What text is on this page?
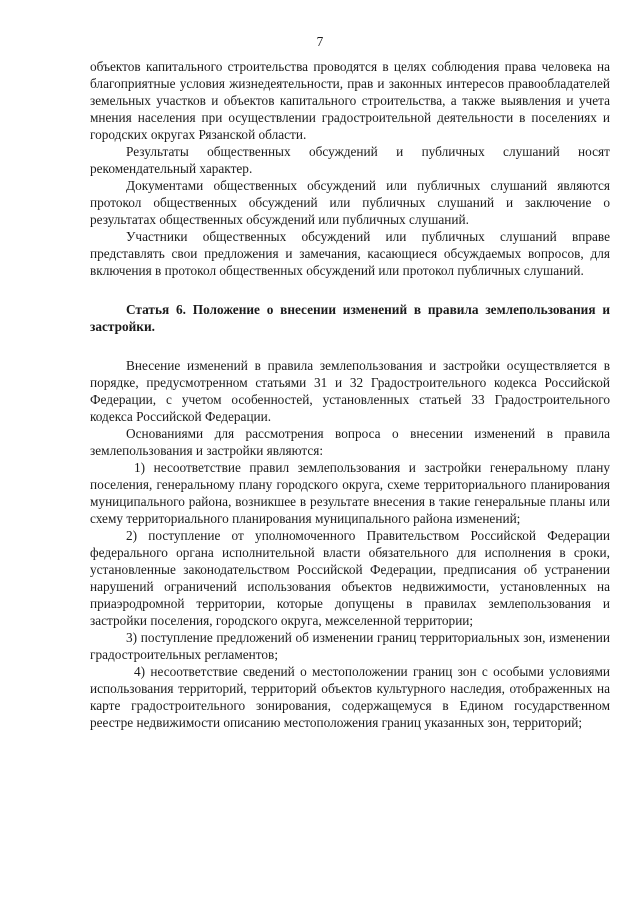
7

объектов капитального строительства проводятся в целях соблюдения права человека на благоприятные условия жизнедеятельности, прав и законных интересов правообладателей земельных участков и объектов капитального строительства, а также выявления и учета мнения населения при осуществлении градостроительной деятельности в поселениях и городских округах Рязанской области.

Результаты общественных обсуждений и публичных слушаний носят рекомендательный характер.

Документами общественных обсуждений или публичных слушаний являются протокол общественных обсуждений или публичных слушаний и заключение о результатах общественных обсуждений или публичных слушаний.

Участники общественных обсуждений или публичных слушаний вправе представлять свои предложения и замечания, касающиеся обсуждаемых вопросов, для включения в протокол общественных обсуждений или протокол публичных слушаний.

Статья 6. Положение о внесении изменений в правила землепользования и застройки.

Внесение изменений в правила землепользования и застройки осуществляется в порядке, предусмотренном статьями 31 и 32 Градостроительного кодекса Российской Федерации, с учетом особенностей, установленных статьей 33 Градостроительного кодекса Российской Федерации.

Основаниями для рассмотрения вопроса о внесении изменений в правила землепользования и застройки являются:

1) несоответствие правил землепользования и застройки генеральному плану поселения, генеральному плану городского округа, схеме территориального планирования муниципального района, возникшее в результате внесения в такие генеральные планы или схему территориального планирования муниципального района изменений;

2) поступление от уполномоченного Правительством Российской Федерации федерального органа исполнительной власти обязательного для исполнения в сроки, установленные законодательством Российской Федерации, предписания об устранении нарушений ограничений использования объектов недвижимости, установленных на приаэродромной территории, которые допущены в правилах землепользования и застройки поселения, городского округа, межселенной территории;

3) поступление предложений об изменении границ территориальных зон, изменении градостроительных регламентов;

4) несоответствие сведений о местоположении границ зон с особыми условиями использования территорий, территорий объектов культурного наследия, отображенных на карте градостроительного зонирования, содержащемуся в Едином государственном реестре недвижимости описанию местоположения границ указанных зон, территорий;
